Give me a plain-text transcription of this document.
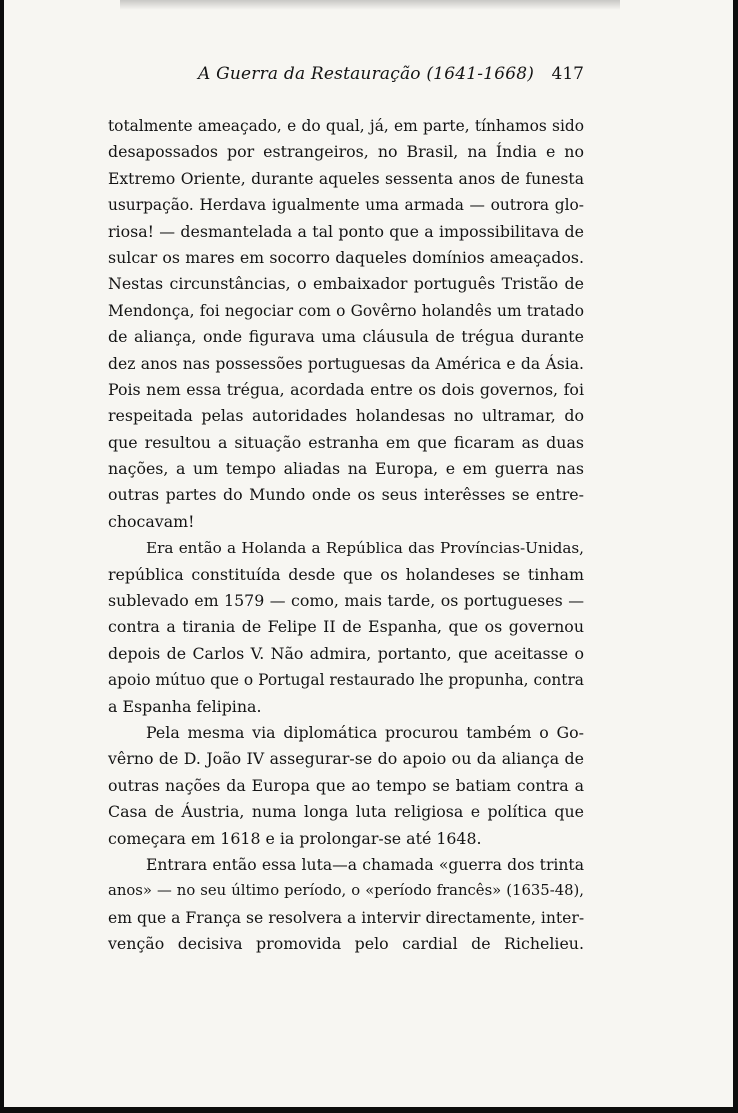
A Guerra da Restauração (1641-1668) 417
totalmente ameaçado, e do qual, já, em parte, tínhamos sido
desapossados por estrangeiros, no Brasil, na Índia e no
Extremo Oriente, durante aqueles sessenta anos de funesta
usurpação. Herdava igualmente uma armada — outrora glo-
riosa! — desmantelada a tal ponto que a impossibilitava de
sulcar os mares em socorro daqueles domínios ameaçados.
Nestas circunstâncias, o embaixador português Tristão de
Mendonça, foi negociar com o Govêrno holandês um tratado
de aliança, onde figurava uma cláusula de trégua durante
dez anos nas possessões portuguesas da América e da Ásia.
Pois nem essa trégua, acordada entre os dois governos, foi
respeitada pelas autoridades holandesas no ultramar, do
que resultou a situação estranha em que ficaram as duas
nações, a um tempo aliadas na Europa, e em guerra nas
outras partes do Mundo onde os seus interêsses se entre-
chocavam!
Era então a Holanda a República das Províncias-Unidas,
república constituída desde que os holandeses se tinham
sublevado em 1579 — como, mais tarde, os portugueses —
contra a tirania de Felipe II de Espanha, que os governou
depois de Carlos V. Não admira, portanto, que aceitasse o
apoio mútuo que o Portugal restaurado lhe propunha, contra
a Espanha felipina.
Pela mesma via diplomática procurou também o Go-
vêrno de D. João IV assegurar-se do apoio ou da aliança de
outras nações da Europa que ao tempo se batiam contra a
Casa de Áustria, numa longa luta religiosa e política que
começara em 1618 e ia prolongar-se até 1648.
Entrara então essa luta—a chamada «guerra dos trinta
anos» — no seu último período, o «período francês» (1635-48),
em que a França se resolvera a intervir directamente, inter-
venção decisiva promovida pelo cardial de Richelieu.
